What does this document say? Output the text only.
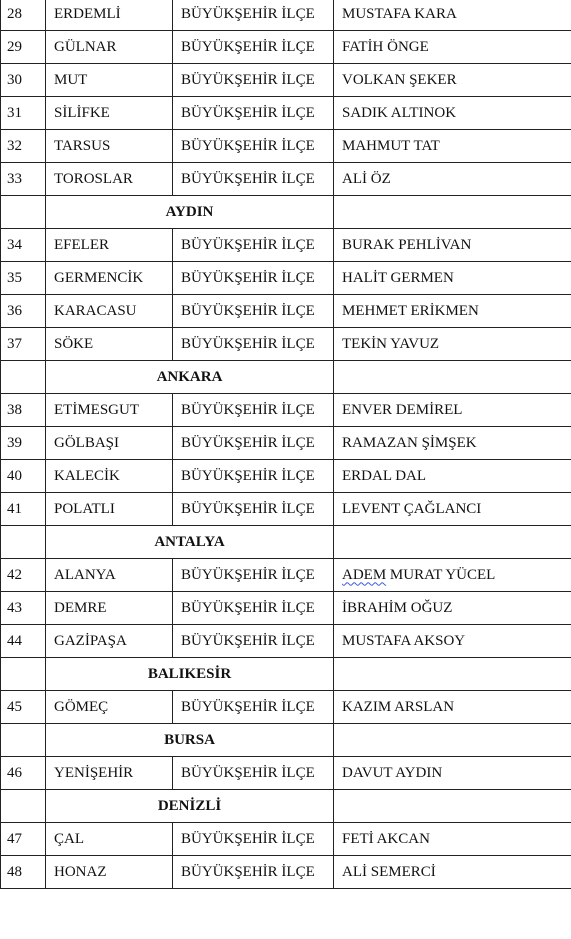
28	ERDEMLİ	BÜYÜKŞEHİR İLÇE	MUSTAFA KARA
29	GÜLNAR	BÜYÜKŞEHİR İLÇE	FATİH ÖNGE
30	MUT	BÜYÜKŞEHİR İLÇE	VOLKAN ŞEKER
31	SİLİFKE	BÜYÜKŞEHİR İLÇE	SADIK ALTINOK
32	TARSUS	BÜYÜKŞEHİR İLÇE	MAHMUT TAT
33	TOROSLAR	BÜYÜKŞEHİR İLÇE	ALİ ÖZ
	AYDIN		
34	EFELER	BÜYÜKŞEHİR İLÇE	BURAK PEHLİVAN
35	GERMENCİK	BÜYÜKŞEHİR İLÇE	HALİT GERMEN
36	KARACASU	BÜYÜKŞEHİR İLÇE	MEHMET ERİKMEN
37	SÖKE	BÜYÜKŞEHİR İLÇE	TEKİN YAVUZ
	ANKARA		
38	ETİMESGUT	BÜYÜKŞEHİR İLÇE	ENVER DEMİREL
39	GÖLBAŞI	BÜYÜKŞEHİR İLÇE	RAMAZAN ŞİMŞEK
40	KALECİK	BÜYÜKŞEHİR İLÇE	ERDAL DAL
41	POLATLI	BÜYÜKŞEHİR İLÇE	LEVENT ÇAĞLANCI
	ANTALYA		
42	ALANYA	BÜYÜKŞEHİR İLÇE	ADEM MURAT YÜCEL
43	DEMRE	BÜYÜKŞEHİR İLÇE	İBRAHİM OĞUZ
44	GAZİPAŞA	BÜYÜKŞEHİR İLÇE	MUSTAFA AKSOY
	BALIKESİR		
45	GÖMEÇ	BÜYÜKŞEHİR İLÇE	KAZIM ARSLAN
	BURSA		
46	YENİŞEHİR	BÜYÜKŞEHİR İLÇE	DAVUT AYDIN
	DENİZLİ		
47	ÇAL	BÜYÜKŞEHİR İLÇE	FETİ AKCAN
48	HONAZ	BÜYÜKŞEHİR İLÇE	ALİ SEMERCİ
